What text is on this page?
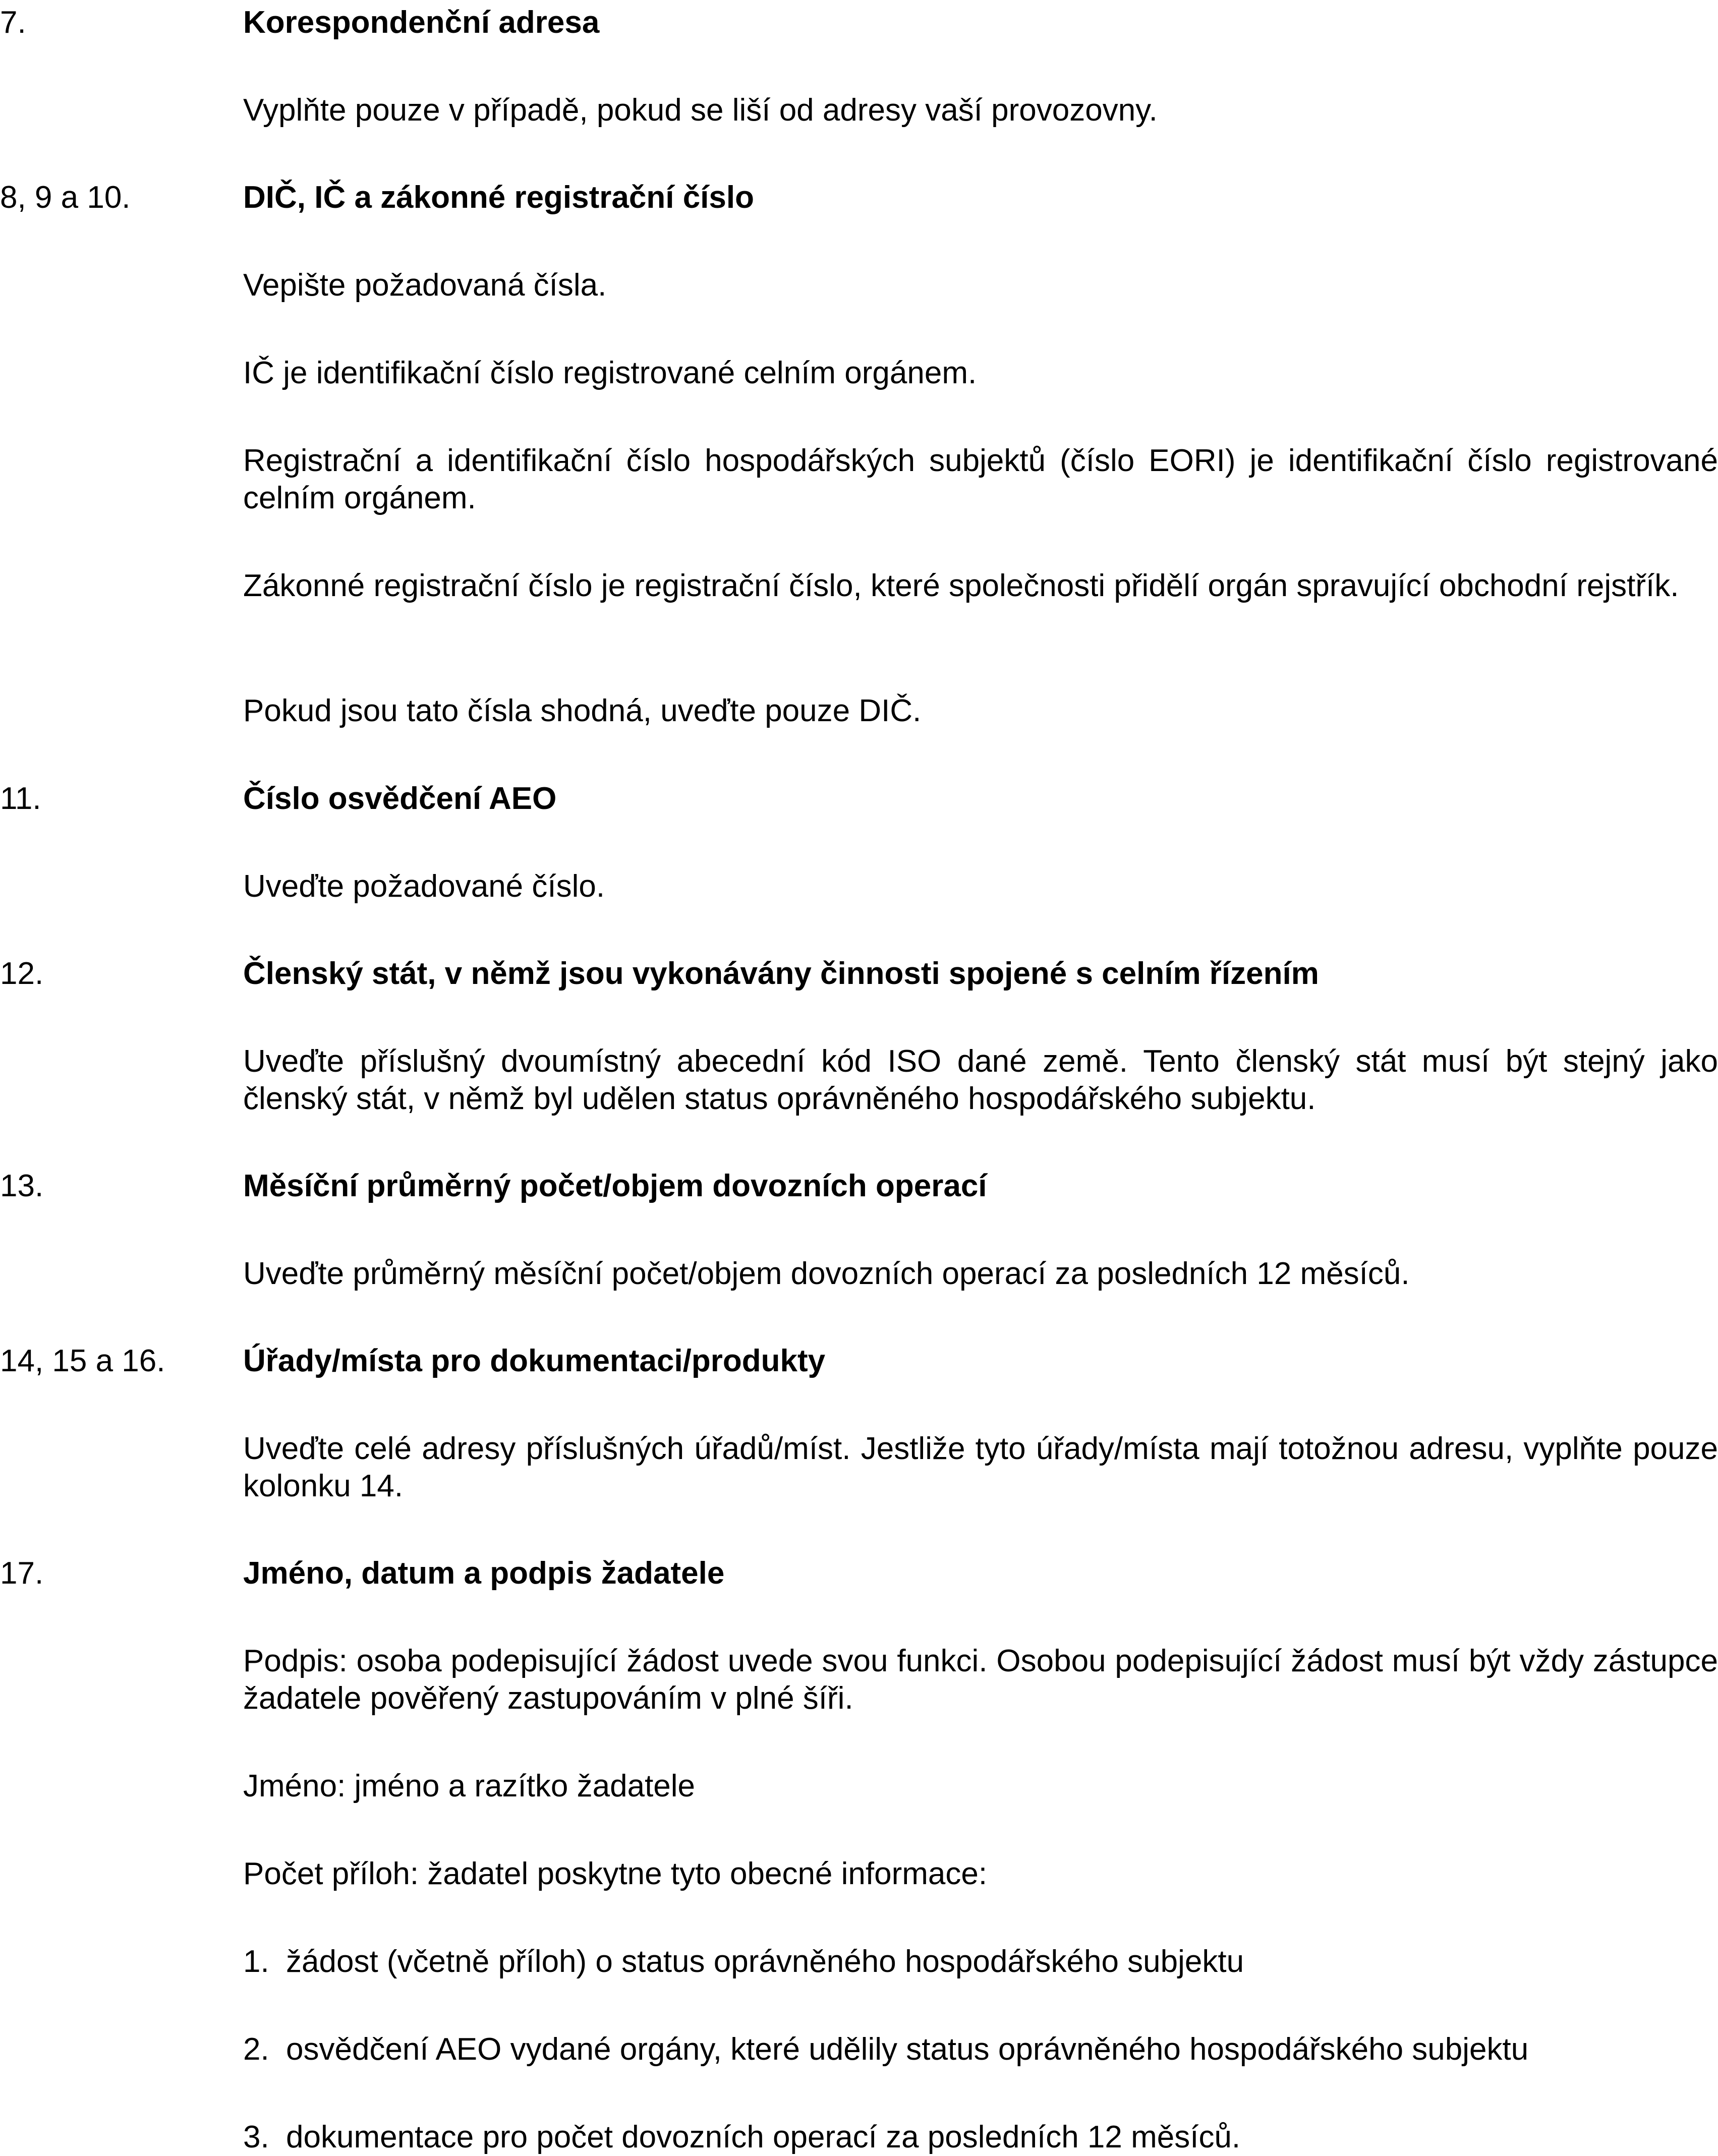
7.	Korespondenční adresa
Vyplňte pouze v případě, pokud se liší od adresy vaší provozovny.
8, 9 a 10.	DIČ, IČ a zákonné registrační číslo
Vepište požadovaná čísla.
IČ je identifikační číslo registrované celním orgánem.
Registrační a identifikační číslo hospodářských subjektů (číslo EORI) je identifikační číslo registrované celním orgánem.
Zákonné registrační číslo je registrační číslo, které společnosti přidělí orgán spravující obchodní rejstřík.
Pokud jsou tato čísla shodná, uveďte pouze DIČ.
11.	Číslo osvědčení AEO
Uveďte požadované číslo.
12.	Členský stát, v němž jsou vykonávány činnosti spojené s celním řízením
Uveďte příslušný dvoumístný abecední kód ISO dané země. Tento členský stát musí být stejný jako členský stát, v němž byl udělen status oprávněného hospodářského subjektu.
13.	Měsíční průměrný počet/objem dovozních operací
Uveďte průměrný měsíční počet/objem dovozních operací za posledních 12 měsíců.
14, 15 a 16.	Úřady/místa pro dokumentaci/produkty
Uveďte celé adresy příslušných úřadů/míst. Jestliže tyto úřady/místa mají totožnou adresu, vyplňte pouze kolonku 14.
17.	Jméno, datum a podpis žadatele
Podpis: osoba podepisující žádost uvede svou funkci. Osobou podepisující žádost musí být vždy zástupce žadatele pověřený zastupováním v plné šíři.
Jméno: jméno a razítko žadatele
Počet příloh: žadatel poskytne tyto obecné informace:
1. žádost (včetně příloh) o status oprávněného hospodářského subjektu
2. osvědčení AEO vydané orgány, které udělily status oprávněného hospodářského subjektu
3. dokumentace pro počet dovozních operací za posledních 12 měsíců.
